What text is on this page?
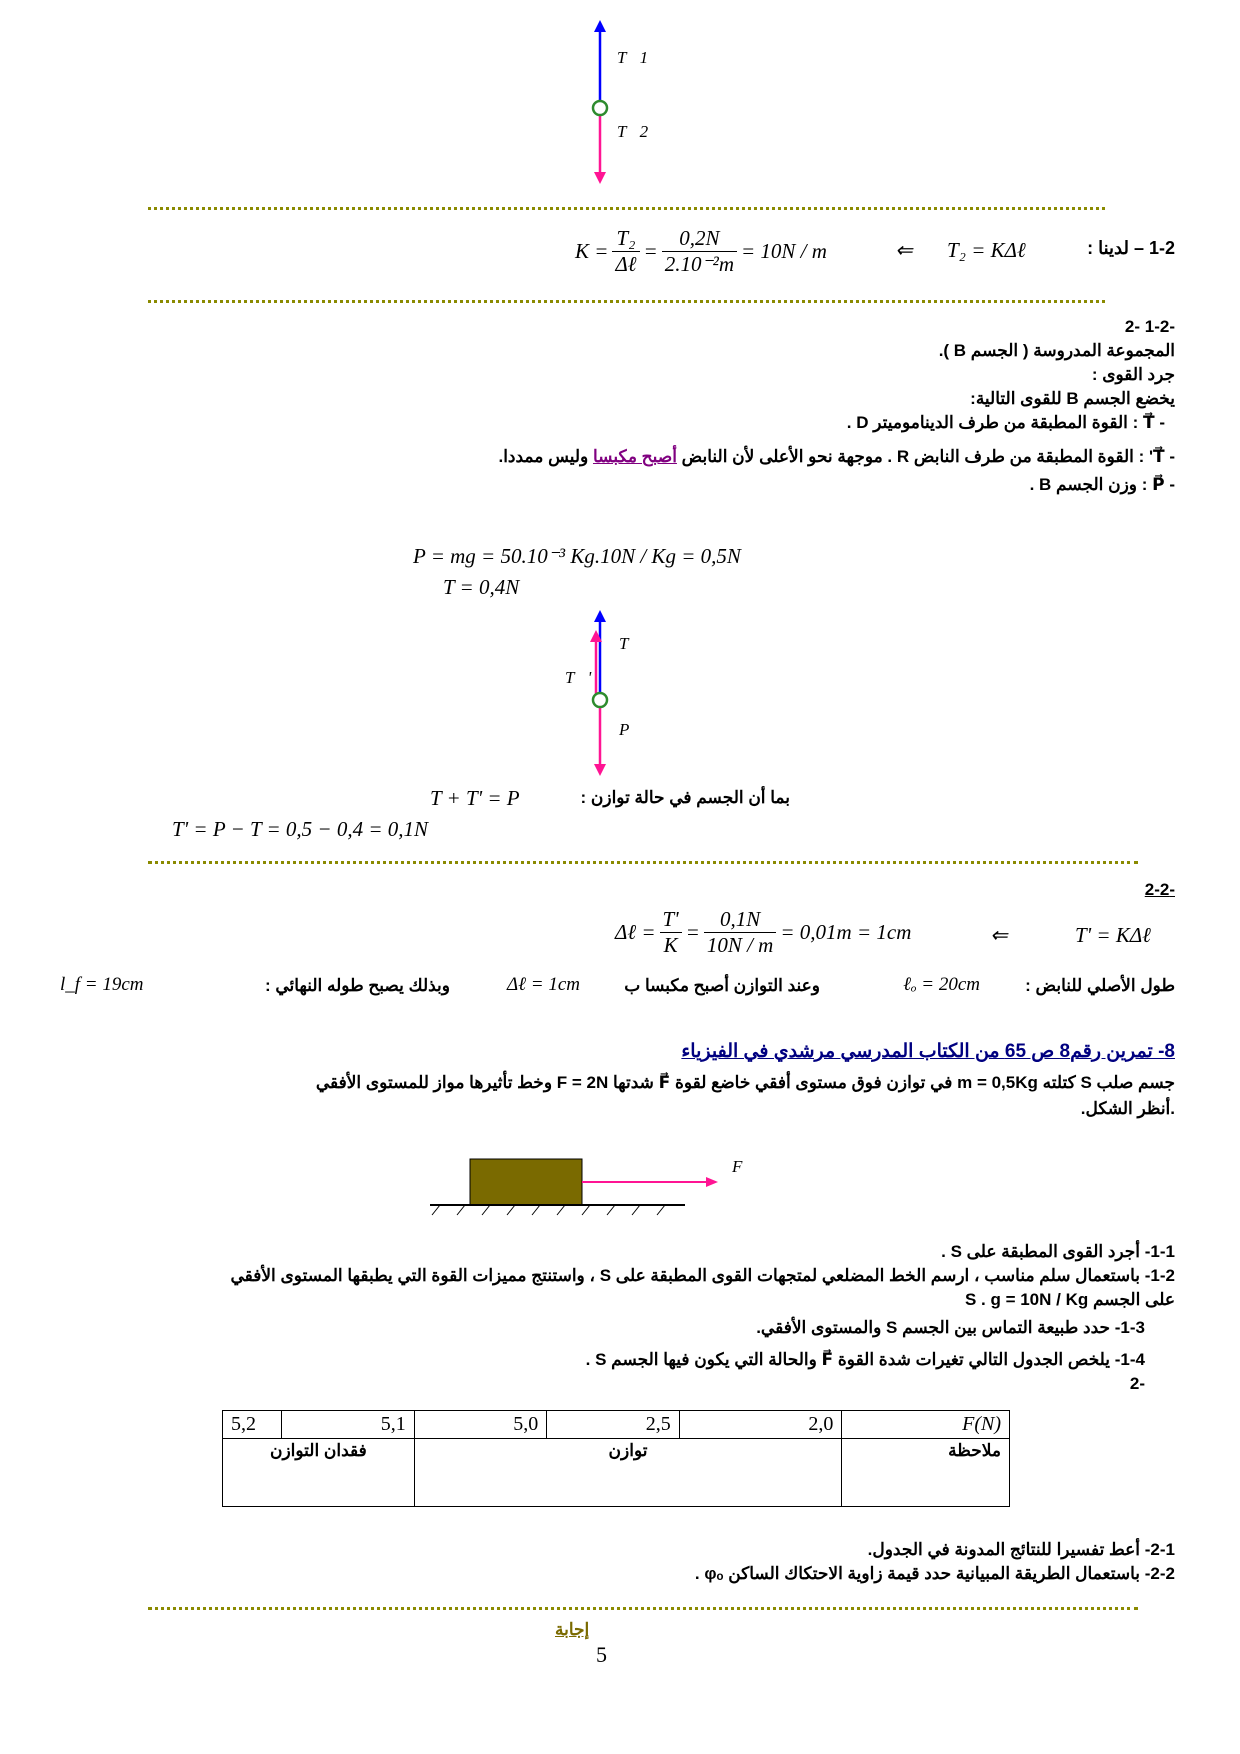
T⃗1
T⃗2
1-2 – لدينا :
T₂ = KΔℓ
⇐
K =
T₂
Δℓ
= $\frac{0,2N}{\text{2.10⁻²m}} = 10N / m$
-1-2 -2
المجموعة المدروسة ( الجسم B ).
جرد القوى :
يخضع الجسم B للقوى التالية:
- T⃗ : القوة المطبقة من طرف الديناموميتر D .
- T⃗' : القوة المطبقة من طرف النابض R . موجهة نحو الأعلى لأن النابض أصبح مكبسا وليس ممددا.
- P⃗ : وزن الجسم B .
P = mg = 50.10⁻³ Kg.10N / Kg = 0,5N
T = 0,4N
T⃗
T⃗'
P⃗
بما أن الجسم في حالة توازن :
T + T' = P
T' = P − T = 0,5 − 0,4 = 0,1N
-2-2
Δℓ = $\frac{T'}{K} = \frac{0,1N}{10N / m} = 0,01m = 1cm$	⇐	T' = KΔℓ
طول الأصلي للنابض :
ℓₒ = 20cm
وعند التوازن أصبح مكبسا ب
Δℓ = 1cm
وبذلك يصبح طوله النهائي :
l_f = 19cm
8- تمرين رقم8 ص 65 من الكتاب المدرسي مرشدي في الفيزياء
جسم صلب S كتلته m = 0,5Kg في توازن فوق مستوى أفقي خاضع لقوة F⃗ شدتها F = 2N وخط تأثيرها مواز للمستوى الأفقي
.أنظر الشكل.
F⃗
1-1- أجرد القوى المطبقة على S .
1-2- باستعمال سلم مناسب ، ارسم الخط المضلعي لمتجهات القوى المطبقة على S ، واستنتج مميزات القوة التي يطبقها المستوى الأفقي
على الجسم S . g = 10N / Kg
1-3- حدد طبيعة التماس بين الجسم S والمستوى الأفقي.
1-4- يلخص الجدول التالي تغيرات شدة القوة F⃗ والحالة التي يكون فيها الجسم S .
-2
5,2	5,1	5,0	2,5	2,0	F(N)
فقدان التوازن		توازن			ملاحظة
2-1- أعط تفسيرا للنتائج المدونة في الجدول.
2-2- باستعمال الطريقة المبيانية حدد قيمة زاوية الاحتكاك الساكن φₒ .
إجابة
5
